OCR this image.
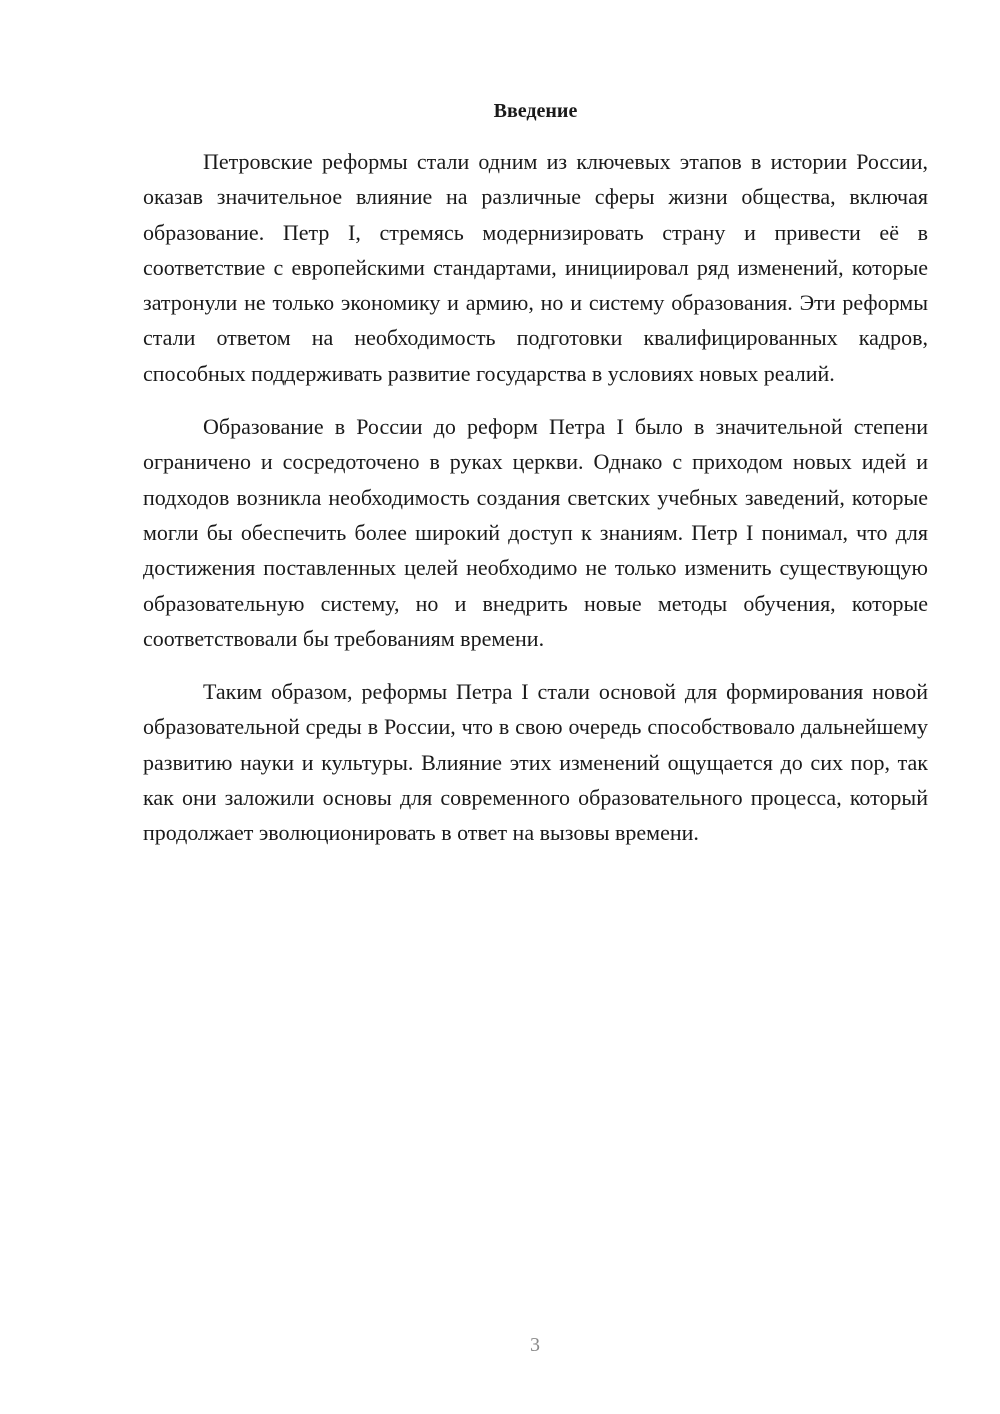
Введение

Петровские реформы стали одним из ключевых этапов в истории России, оказав значительное влияние на различные сферы жизни общества, включая образование. Петр I, стремясь модернизировать страну и привести её в соответствие с европейскими стандартами, инициировал ряд изменений, которые затронули не только экономику и армию, но и систему образования. Эти реформы стали ответом на необходимость подготовки квалифицированных кадров, способных поддерживать развитие государства в условиях новых реалий.

Образование в России до реформ Петра I было в значительной степени ограничено и сосредоточено в руках церкви. Однако с приходом новых идей и подходов возникла необходимость создания светских учебных заведений, которые могли бы обеспечить более широкий доступ к знаниям. Петр I понимал, что для достижения поставленных целей необходимо не только изменить существующую образовательную систему, но и внедрить новые методы обучения, которые соответствовали бы требованиям времени.

Таким образом, реформы Петра I стали основой для формирования новой образовательной среды в России, что в свою очередь способствовало дальнейшему развитию науки и культуры. Влияние этих изменений ощущается до сих пор, так как они заложили основы для современного образовательного процесса, который продолжает эволюционировать в ответ на вызовы времени.

3
